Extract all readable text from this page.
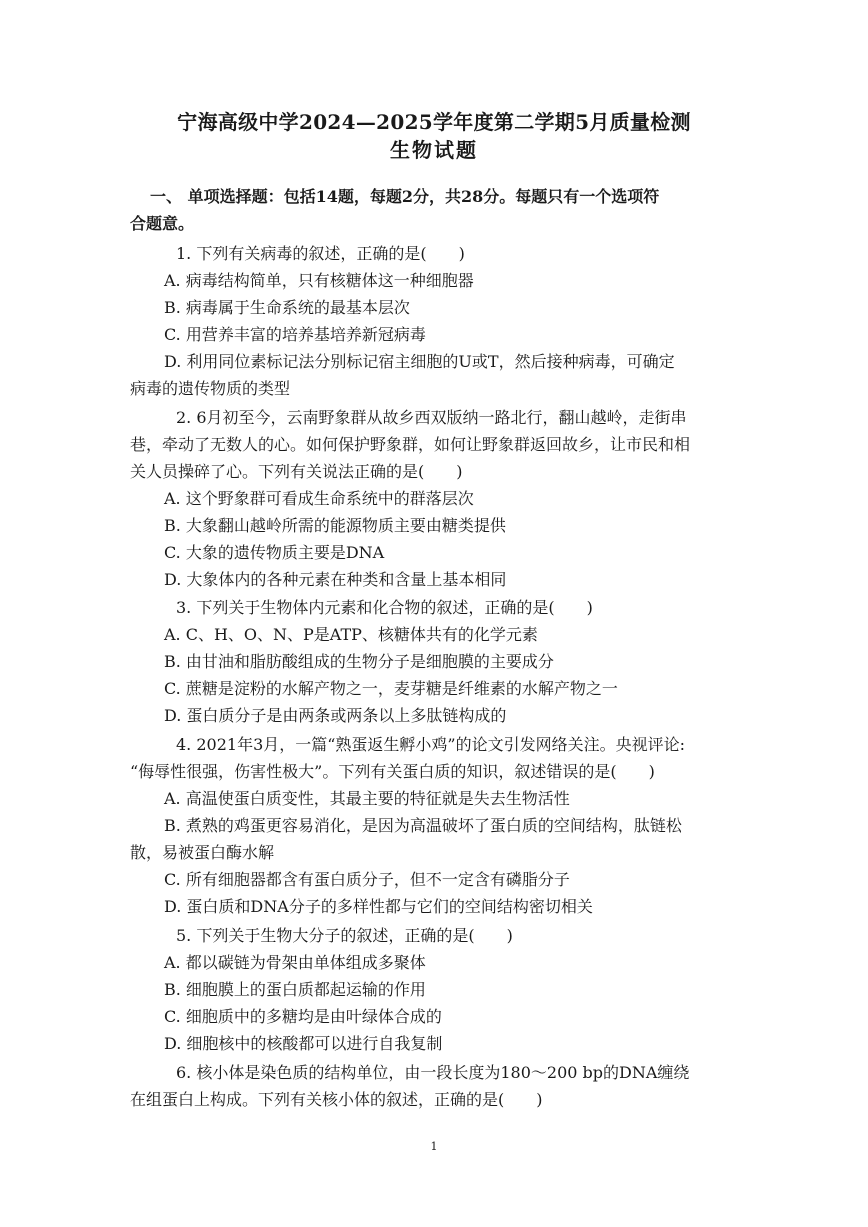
宁海高级中学2024—2025学年度第二学期5月质量检测
生物试题
一、 单项选择题：包括14题，每题2分，共28分。每题只有一个选项符
合题意。
1. 下列有关病毒的叙述，正确的是(　　)
A. 病毒结构简单，只有核糖体这一种细胞器
B. 病毒属于生命系统的最基本层次
C. 用营养丰富的培养基培养新冠病毒
D. 利用同位素标记法分别标记宿主细胞的U或T，然后接种病毒，可确定
病毒的遗传物质的类型
2. 6月初至今，云南野象群从故乡西双版纳一路北行，翻山越岭，走街串
巷，牵动了无数人的心。如何保护野象群，如何让野象群返回故乡，让市民和相
关人员操碎了心。下列有关说法正确的是(　　)
A. 这个野象群可看成生命系统中的群落层次
B. 大象翻山越岭所需的能源物质主要由糖类提供
C. 大象的遗传物质主要是DNA
D. 大象体内的各种元素在种类和含量上基本相同
3. 下列关于生物体内元素和化合物的叙述，正确的是(　　)
A. C、H、O、N、P是ATP、核糖体共有的化学元素
B. 由甘油和脂肪酸组成的生物分子是细胞膜的主要成分
C. 蔗糖是淀粉的水解产物之一，麦芽糖是纤维素的水解产物之一
D. 蛋白质分子是由两条或两条以上多肽链构成的
4. 2021年3月，一篇“熟蛋返生孵小鸡”的论文引发网络关注。央视评论:
“侮辱性很强，伤害性极大”。下列有关蛋白质的知识，叙述错误的是(　　)
A. 高温使蛋白质变性，其最主要的特征就是失去生物活性
B. 煮熟的鸡蛋更容易消化，是因为高温破坏了蛋白质的空间结构，肽链松
散，易被蛋白酶水解
C. 所有细胞器都含有蛋白质分子，但不一定含有磷脂分子
D. 蛋白质和DNA分子的多样性都与它们的空间结构密切相关
5. 下列关于生物大分子的叙述，正确的是(　　)
A. 都以碳链为骨架由单体组成多聚体
B. 细胞膜上的蛋白质都起运输的作用
C. 细胞质中的多糖均是由叶绿体合成的
D. 细胞核中的核酸都可以进行自我复制
6. 核小体是染色质的结构单位，由一段长度为180～200 bp的DNA缠绕
在组蛋白上构成。下列有关核小体的叙述，正确的是(　　)
1
